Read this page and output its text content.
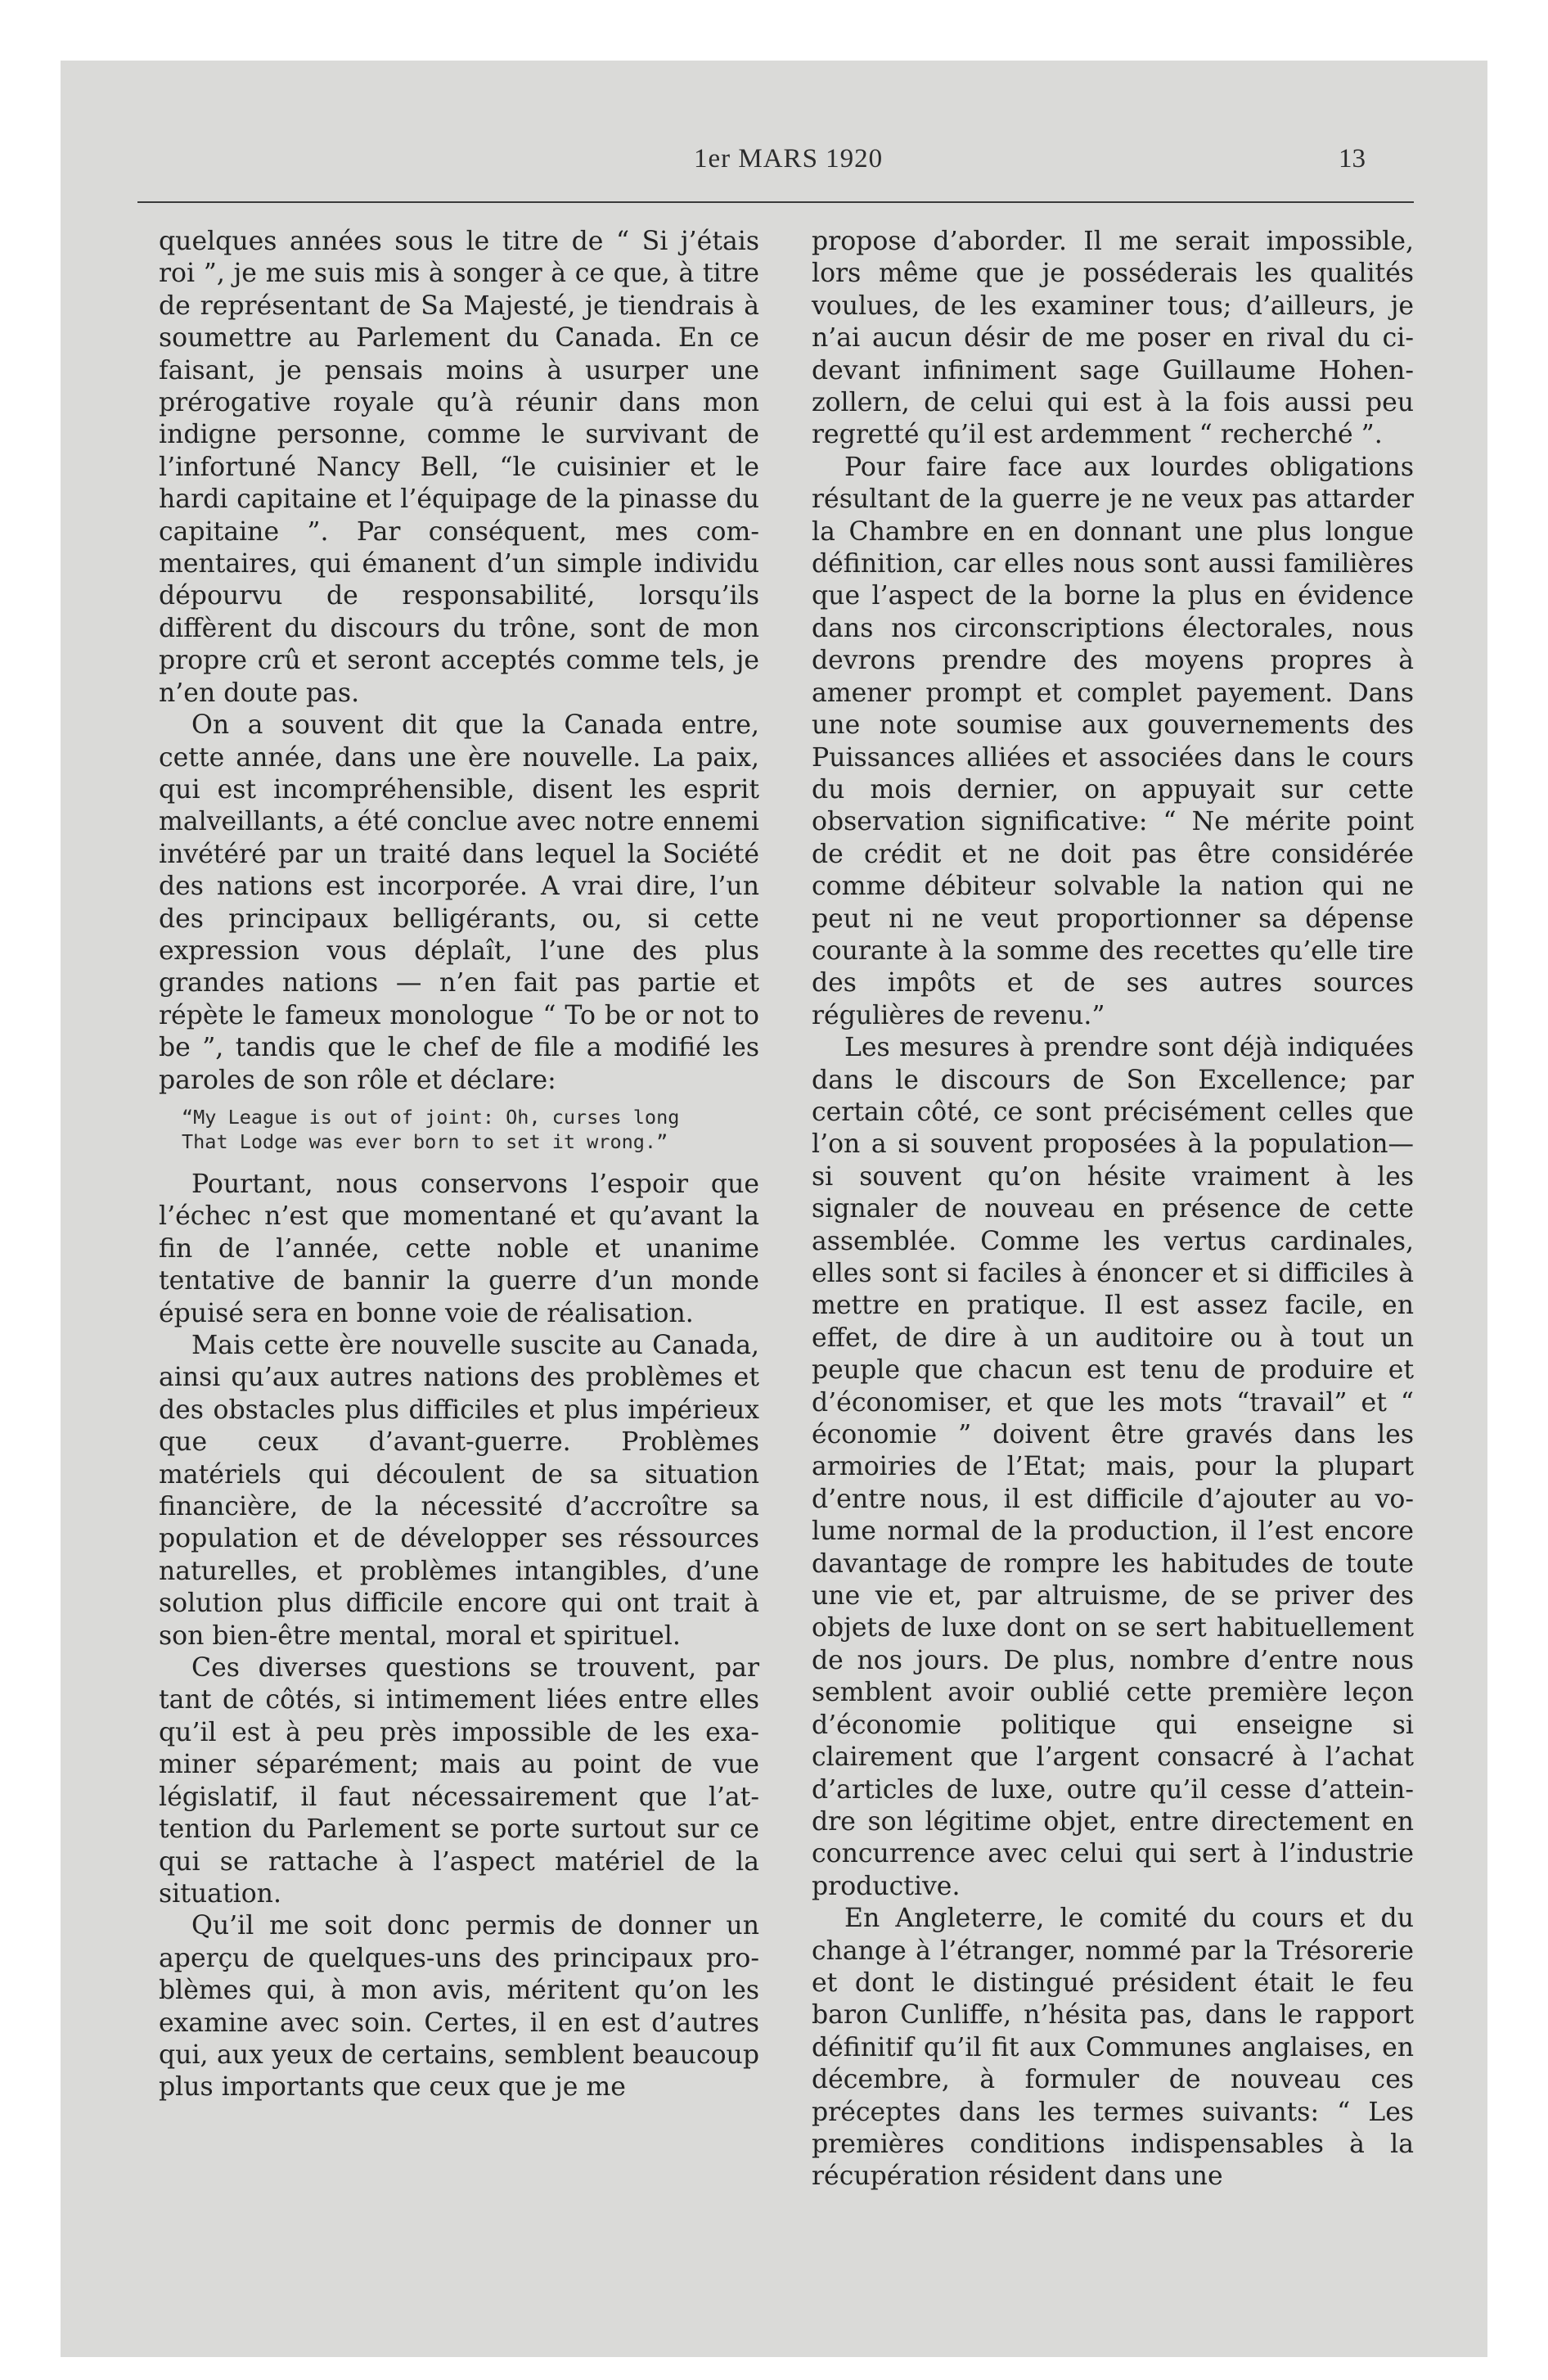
1er MARS 1920	13

quelques années sous le titre de “ Si j’étais roi ”, je me suis mis à songer à ce que, à titre de représentant de Sa Majesté, je tiendrais à soumettre au Parlement du Canada. En ce faisant, je pensais moins à usurper une prérogative royale qu’à réunir dans mon indigne personne, comme le survivant de l’infortuné Nancy Bell, “le cuisinier et le hardi capitaine et l’équipage de la pinasse du capitaine ”. Par conséquent, mes commentaires, qui émanent d’un simple individu dépourvu de responsabilité, lorsqu’ils diffèrent du discours du trône, sont de mon propre crû et seront acceptés comme tels, je n’en doute pas.

On a souvent dit que la Canada entre, cette année, dans une ère nouvelle. La paix, qui est incompréhensible, disent les esprit malveillants, a été conclue avec notre ennemi invétéré par un traité dans lequel la Société des nations est incorporée. A vrai dire, l’un des principaux belligérants, ou, si cette expression vous déplaît, l’une des plus grandes nations — n’en fait pas partie et répète le fameux monologue “ To be or not to be ”, tandis que le chef de file a modifié les paroles de son rôle et déclare:

“My League is out of joint: Oh, curses long
That Lodge was ever born to set it wrong.”

Pourtant, nous conservons l’espoir que l’échec n’est que momentané et qu’avant la fin de l’année, cette noble et unanime tentative de bannir la guerre d’un monde épuisé sera en bonne voie de réalisation.

Mais cette ère nouvelle suscite au Canada, ainsi qu’aux autres nations des problèmes et des obstacles plus difficiles et plus impérieux que ceux d’avant-guerre. Problèmes matériels qui découlent de sa situation financière, de la nécessité d’accroître sa population et de développer ses réssources naturelles, et problèmes intangibles, d’une solution plus difficile encore qui ont trait à son bien-être mental, moral et spirituel.

Ces diverses questions se trouvent, par tant de côtés, si intimement liées entre elles qu’il est à peu près impossible de les examiner séparément; mais au point de vue législatif, il faut nécessairement que l’attention du Parlement se porte surtout sur ce qui se rattache à l’aspect matériel de la situation.

Qu’il me soit donc permis de donner un aperçu de quelques-uns des principaux problèmes qui, à mon avis, méritent qu’on les examine avec soin. Certes, il en est d’autres qui, aux yeux de certains, semblent beaucoup plus importants que ceux que je me

propose d’aborder. Il me serait impossible, lors même que je posséderais les qualités voulues, de les examiner tous; d’ailleurs, je n’ai aucun désir de me poser en rival du ci-devant infiniment sage Guillaume Hohenzollern, de celui qui est à la fois aussi peu regretté qu’il est ardemment “ recherché ”.

Pour faire face aux lourdes obligations résultant de la guerre je ne veux pas attarder la Chambre en en donnant une plus longue définition, car elles nous sont aussi familières que l’aspect de la borne la plus en évidence dans nos circonscriptions électorales, nous devrons prendre des moyens propres à amener prompt et complet payement. Dans une note soumise aux gouvernements des Puissances alliées et associées dans le cours du mois dernier, on appuyait sur cette observation significative: “ Ne mérite point de crédit et ne doit pas être considérée comme débiteur solvable la nation qui ne peut ni ne veut proportionner sa dépense courante à la somme des recettes qu’elle tire des impôts et de ses autres sources régulières de revenu.”

Les mesures à prendre sont déjà indiquées dans le discours de Son Excellence; par certain côté, ce sont précisément celles que l’on a si souvent proposées à la population—si souvent qu’on hésite vraiment à les signaler de nouveau en présence de cette assemblée. Comme les vertus cardinales, elles sont si faciles à énoncer et si difficiles à mettre en pratique. Il est assez facile, en effet, de dire à un auditoire ou à tout un peuple que chacun est tenu de produire et d’économiser, et que les mots “travail” et “ économie ” doivent être gravés dans les armoiries de l’Etat; mais, pour la plupart d’entre nous, il est difficile d’ajouter au volume normal de la production, il l’est encore davantage de rompre les habitudes de toute une vie et, par altruisme, de se priver des objets de luxe dont on se sert habituellement de nos jours. De plus, nombre d’entre nous semblent avoir oublié cette première leçon d’économie politique qui enseigne si clairement que l’argent consacré à l’achat d’articles de luxe, outre qu’il cesse d’atteindre son légitime objet, entre directement en concurrence avec celui qui sert à l’industrie productive.

En Angleterre, le comité du cours et du change à l’étranger, nommé par la Trésorerie et dont le distingué président était le feu baron Cunliffe, n’hésita pas, dans le rapport définitif qu’il fit aux Communes anglaises, en décembre, à formuler de nouveau ces préceptes dans les termes suivants: “ Les premières conditions indispensables à la récupération résident dans une
